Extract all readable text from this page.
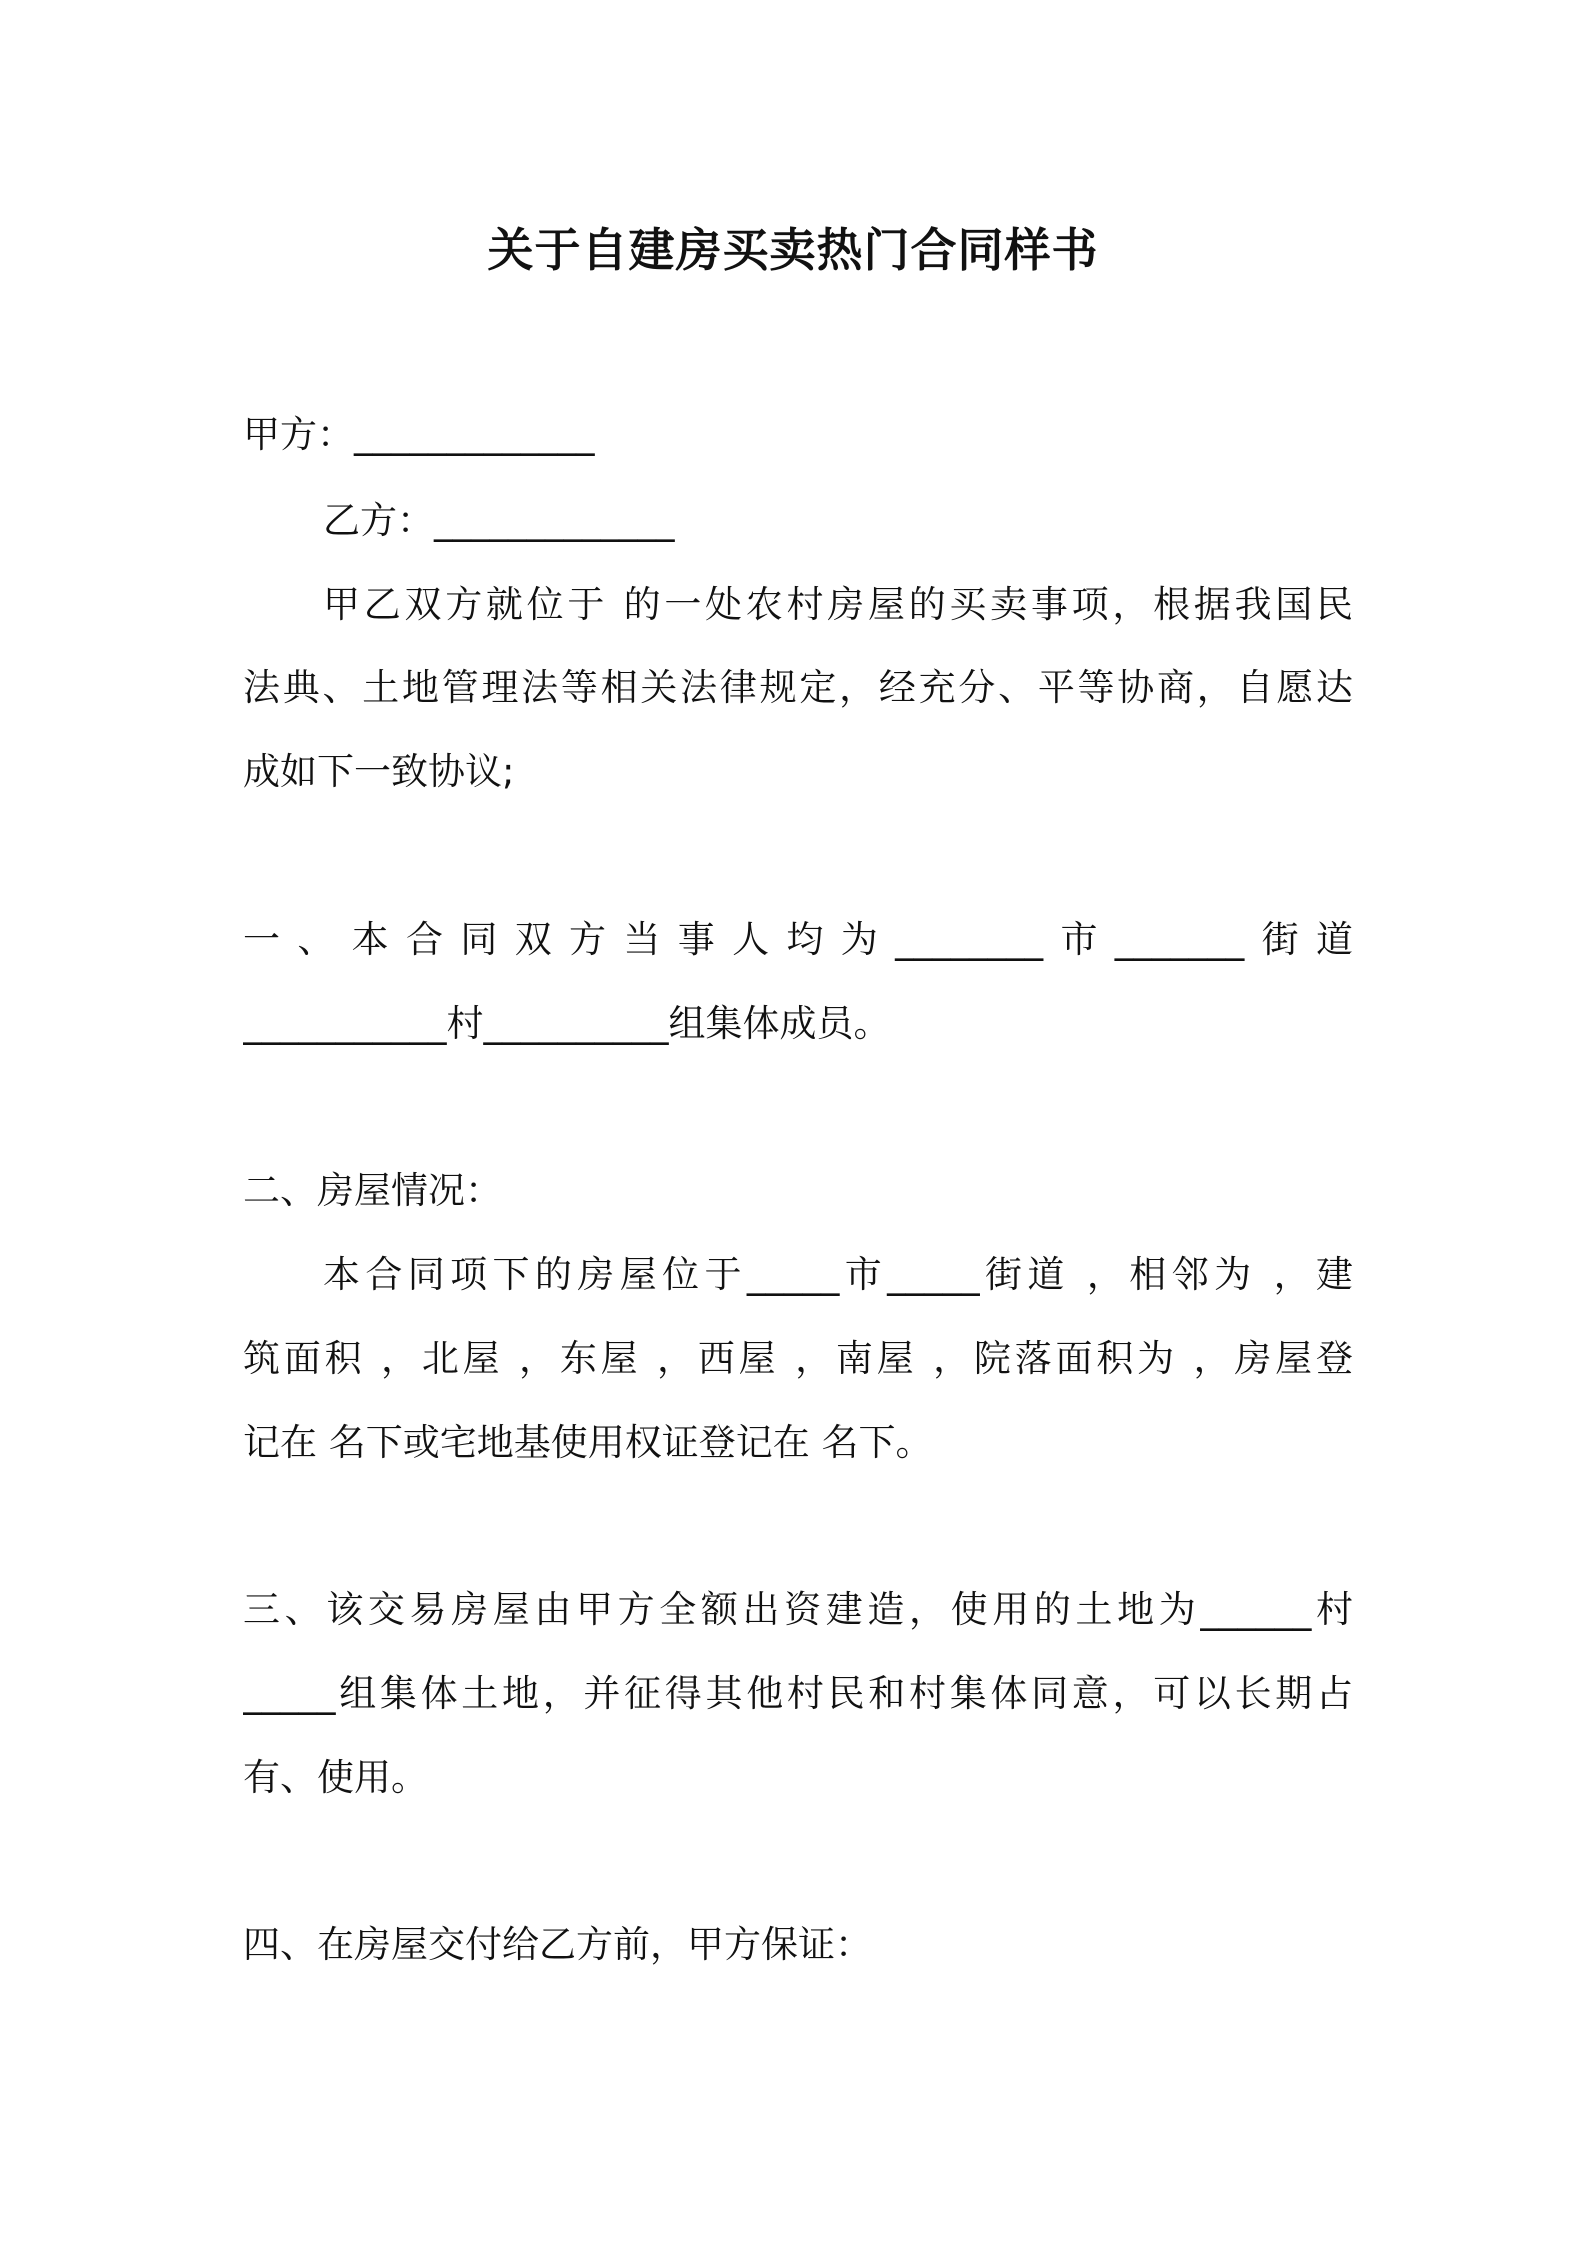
关于自建房买卖热门合同样书
甲方：_____________
乙方：_____________
甲乙双方就位于 的一处农村房屋的买卖事项，根据我国民
法典、土地管理法等相关法律规定，经充分、平等协商，自愿达
成如下一致协议;
一、本合同双方当事人均为________市_______街道
___________村__________组集体成员。
二、房屋情况：
本合同项下的房屋位于_____市_____街道 ，相邻为 ，建
筑面积 ，北屋 ，东屋 ，西屋 ，南屋 ，院落面积为 ，房屋登
记在 名下或宅地基使用权证登记在 名下。
三、该交易房屋由甲方全额出资建造，使用的土地为______村
_____组集体土地，并征得其他村民和村集体同意，可以长期占
有、使用。
四、在房屋交付给乙方前，甲方保证：
